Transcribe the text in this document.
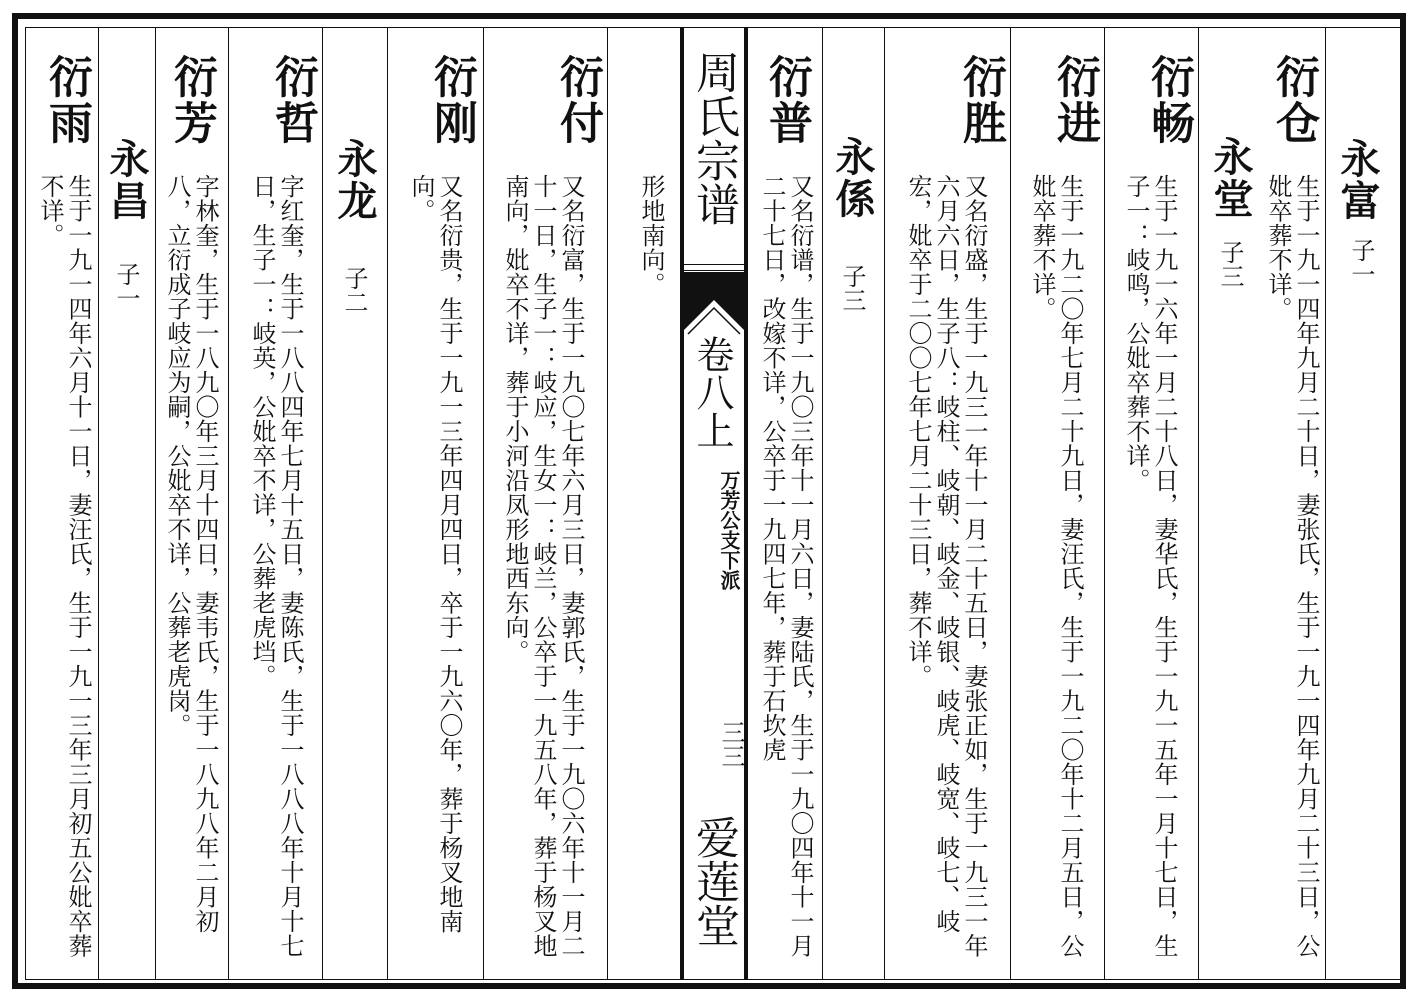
周氏宗谱
卷八上
万芳公支下派
三三
爱莲堂
永富
子一
衍仓
生于一九一四年九月二十日，妻张氏，生于一九一四年九月二十三日，公妣卒葬不详。
永堂
子三
衍畅
生于一九一六年一月二十八日，妻华氏，生于一九一五年一月十七日，生子一：岐鸣，公妣卒葬不详。
衍进
生于一九二〇年七月二十九日，妻汪氏，生于一九二〇年十二月五日，公妣卒葬不详。
衍胜
又名衍盛，生于一九三一年十一月二十五日，妻张正如，生于一九三一年六月六日，生子八：岐柱、岐朝、岐金、岐银、岐虎、岐宽、岐七、岐宏，妣卒于二〇〇七年七月二十三日，葬不详。
永係
子三
衍普
又名衍谱，生于一九〇三年十一月六日，妻陆氏，生于一九〇四年十一月二十七日，改嫁不详，公卒于一九四七年，葬于石坎虎
形地南向。
衍付
又名衍富，生于一九〇七年六月三日，妻郭氏，生于一九〇六年十一月二十一日，生子一：岐应，生女一：岐兰，公卒于一九五八年，葬于杨叉地南向，妣卒不详，葬于小河沿凤形地西东向。
衍刚
又名衍贵，生于一九一三年四月四日，卒于一九六〇年，葬于杨叉地南向。
永龙
子二
衍哲
字红奎，生于一八八四年七月十五日，妻陈氏，生于一八八八年十月十七日，生子一：岐英，公妣卒不详，公葬老虎垱。
衍芳
字林奎，生于一八九〇年三月十四日，妻韦氏，生于一八九八年二月初八，立衍成子岐应为嗣，公妣卒不详，公葬老虎岗。
永昌
子一
衍雨
生于一九一四年六月十一日，妻汪氏，生于一九一三年三月初五公妣卒葬不详。
